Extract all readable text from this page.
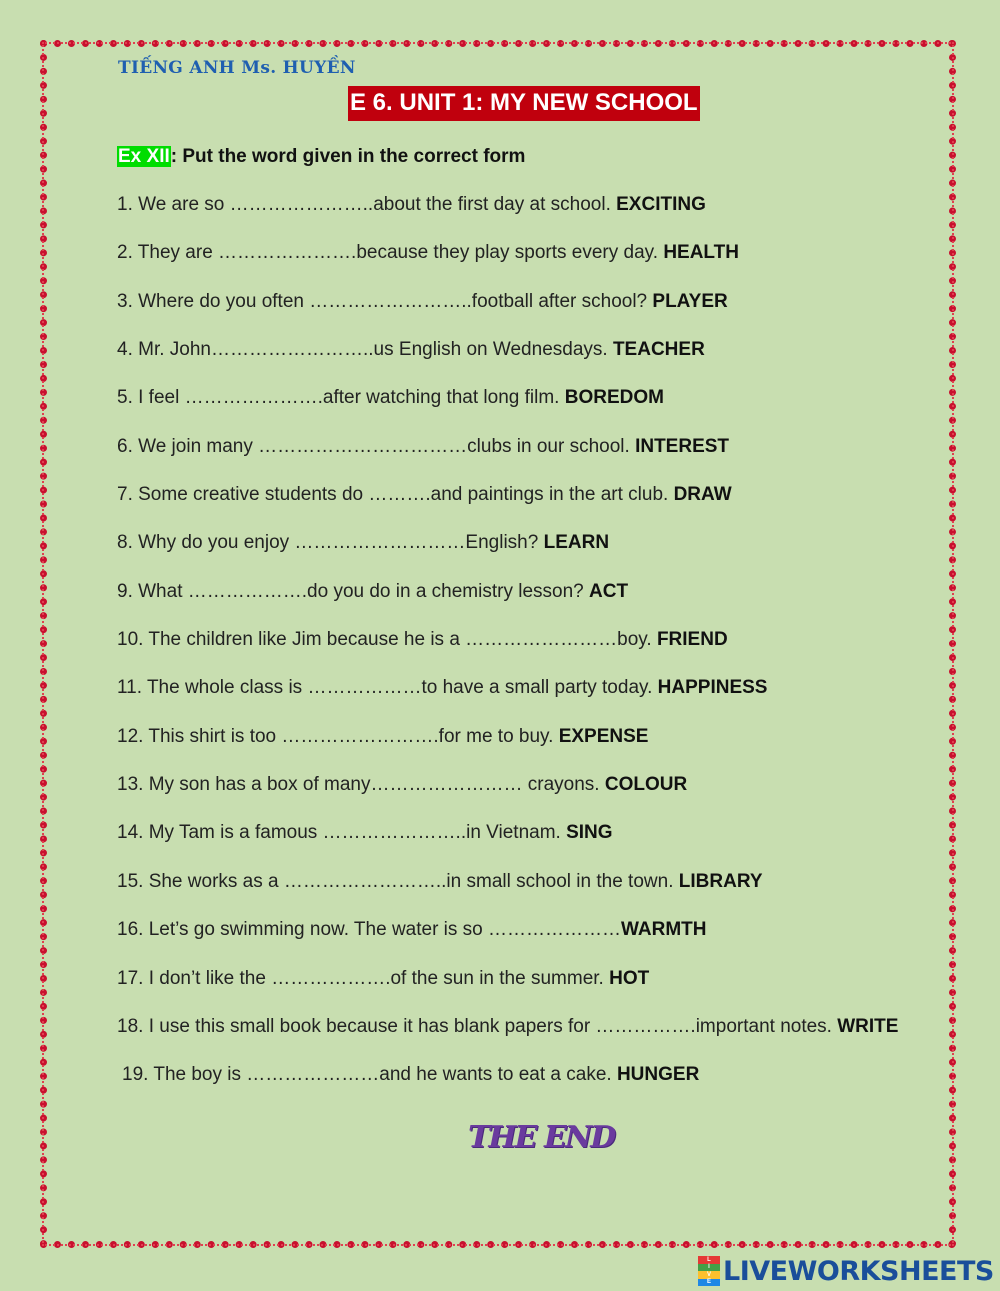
TIẾNG ANH Ms. HUYỀN
E 6. UNIT 1: MY NEW SCHOOL
Ex XII: Put the word given in the correct form
1. We are so …………………..about the first day at school. EXCITING
2. They are ………………….because they play sports every day. HEALTH
3. Where do you often ……………………..football after school? PLAYER
4. Mr. John……………………..us English on Wednesdays. TEACHER
5. I feel ………………….after watching that long film. BOREDOM
6. We join many ……………………………clubs in our school. INTEREST
7. Some creative students do ……….and paintings in the art club. DRAW
8. Why do you enjoy ………………………English? LEARN
9. What ……………….do you do in a chemistry lesson? ACT
10. The children like Jim because he is a ……………………boy. FRIEND
11. The whole class is ………………to have a small party today. HAPPINESS
12. This shirt is too …………………….for me to buy. EXPENSE
13. My son has a box of many…………………… crayons. COLOUR
14. My Tam is a famous …………………..in Vietnam. SING
15. She works as a ……………………..in small school in the town. LIBRARY
16. Let’s go swimming now. The water is so …………………WARMTH
17. I don’t like the ……………….of the sun in the summer. HOT
18. I use this small book because it has blank papers for …………….important notes. WRITE
19. The boy is …………………and he wants to eat a cake. HUNGER
THE END
L
I
V
E LIVEWORKSHEETS
